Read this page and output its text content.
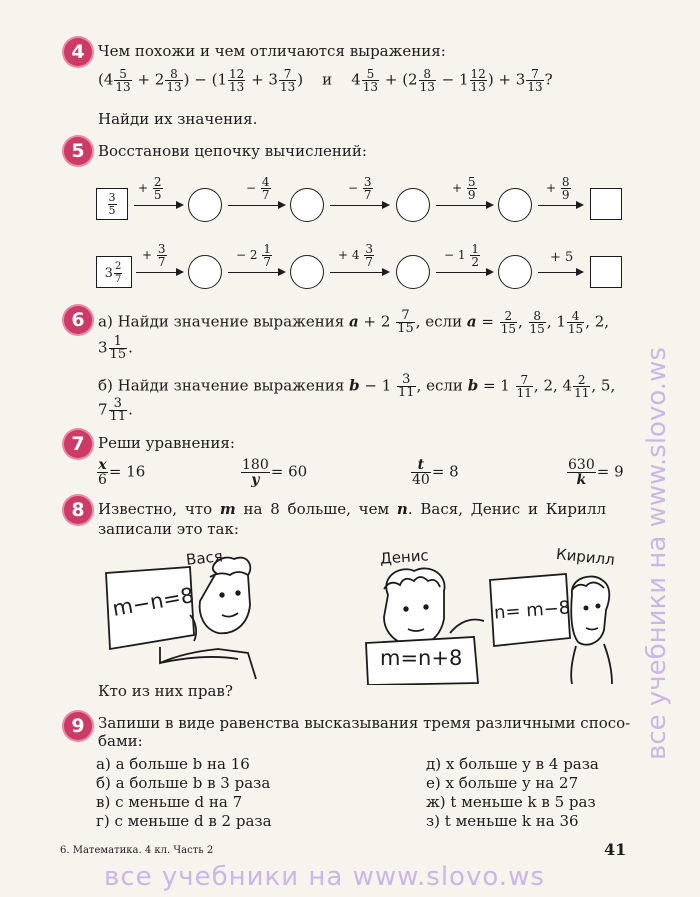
4 Чем похожи и чем отличаются выражения:
($4 \frac{5}{13} + 2 \frac{8}{13}$ ) − ($1 \frac{12}{13} + 3 \frac{7}{13}$ ) и $4 \frac{5}{13} + (2 \frac{8}{13} - 1 \frac{12}{13}$ ) + $3 \frac{7}{13}$ ?
Найди их значения.
5 Восстанови цепочку вычислений:
$\frac{3}{5}$
+ $\frac{2}{5}$	− $\frac{4}{7}$	− $\frac{3}{7}$	+ $\frac{5}{9}$	+ $\frac{8}{9}$
$3 \frac{2}{7}$
+ $\frac{3}{7}$	− $2 \frac{1}{7}$	+ $4 \frac{3}{7}$	− $1 \frac{1}{2}$	+ 5
6 а) Найди значение выражения $a + 2 \frac{7}{15}$ , если $a = \frac{2}{15}$ , $\frac{8}{15}$ , $1 \frac{4}{15}$ , 2,
$3 \frac{1}{15}$ .
б) Найди значение выражения $b - 1 \frac{3}{11}$ , если $b = 1 \frac{7}{11}$ , 2, $4 \frac{2}{11}$ , 5,
$7 \frac{3}{11}$ .
7 Реши уравнения:
$\frac{x}{6} = 16$	$\frac{180}{y} = 60$	$\frac{t}{40} = 8$	$\frac{630}{k} = 9$
8 Известно, что m на 8 больше, чем n. Вася, Денис и Кирилл
записали это так:
Вася
m−n=8
Денис
m=n+8
Кирилл
n= m−8
Кто из них прав?
9 Запиши в виде равенства высказывания тремя различными спосо-
бами:
а) a больше b на 16
б) a больше b в 3 раза
в) c меньше d на 7
г) c меньше d в 2 раза
д) x больше y в 4 раза
е) x больше y на 27
ж) t меньше k в 5 раз
з) t меньше k на 36
6. Математика. 4 кл. Часть 2	41
все учебники на www.slovo.ws
все учебники на www.slovo.ws
